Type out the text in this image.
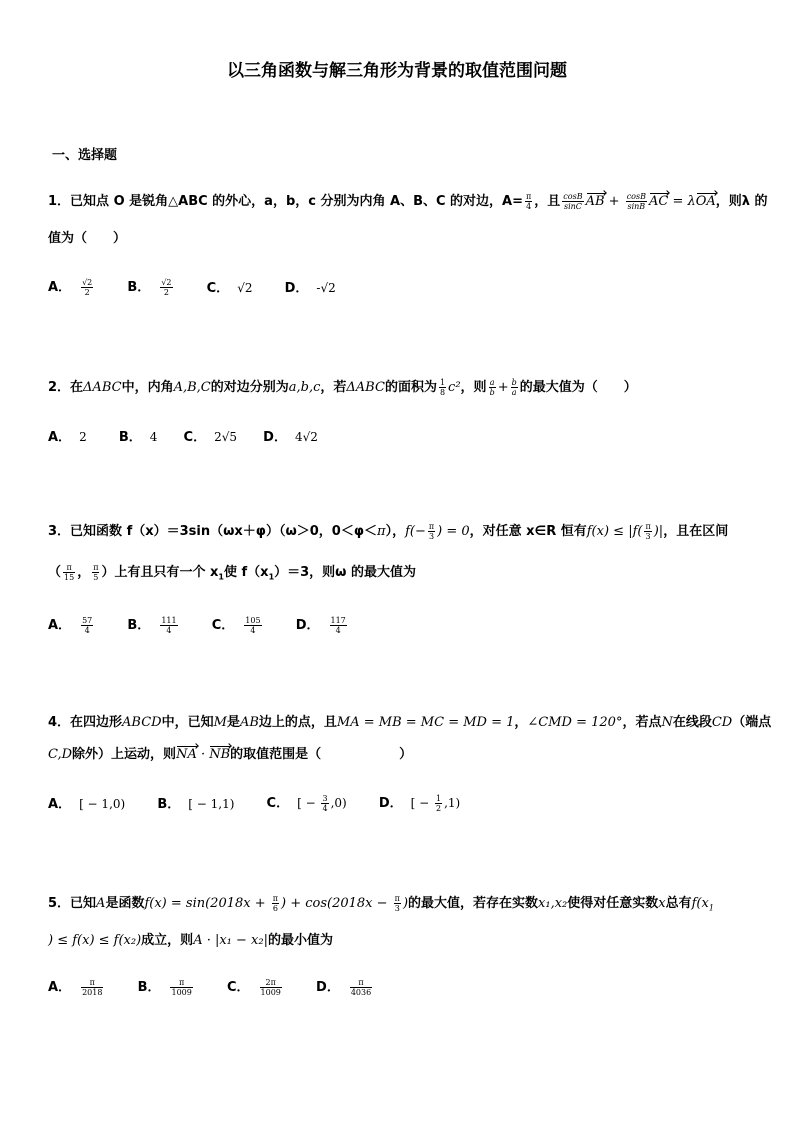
以三角函数与解三角形为背景的取值范围问题
一、选择题
1．已知点 O 是锐角△ABC 的外心，a，b，c 分别为内角 A、B、C 的对边，$A= \frac{\pi}{4}$ ，且 $\frac{\cos B}{\sin C}$ AB + $\frac{\cos B}{\sin B}$ AC = λOA，则λ 的
值为（　　）
A． $\frac{√2}{2}$	B． $\frac{√2}{2}$	C． √2 D． -√2
2．在ΔABC中，内角A,B,C的对边分别为a,b,c，若ΔABC的面积为 $\frac{1}{8} c^2$，则 $\frac{a}{b} + \frac{b}{a}$ 的最大值为（　　）
A． 2 B． 4 C． 2√5 D． 4√2
3．已知函数 f（x）＝3sin（ωx＋φ）（ω＞0，0＜φ＜π），$f(- \frac{\pi}{3}$ ) = 0，对任意 x∈R 恒有$f(x) \le |f( \frac{\pi}{3}$ )|，且在区间
（ $\frac{\pi}{15}$ ， $\frac{\pi}{5}$ ）上有且只有一个 $x_1$使 $f(x_1)=3$，则ω 的最大值为
A． $\frac{57}{4}$	B． $\frac{111}{4}$	C． $\frac{105}{4}$	D． $\frac{117}{4}$
4．在四边形ABCD中，已知M是AB边上的点，且MA = MB = MC = MD = 1，∠CMD = 120°，若点N在线段CD（端点
C,D除外）上运动，则NA · NB的取值范围是（　　　　　　）
A． [ − 1,0) B． [ − 1,1) C． [ − $\frac{3}{4} ,0$) D． [ − $\frac{1}{2} ,1$)
5．已知A是函数$f(x) = \sin(2018x + \frac{\pi}{6}$ ) + $\cos(2018x - \frac{\pi}{3}$ )的最大值，若存在实数x₁,x₂使得对任意实数x总有$f(x_1$
) ≤ f(x) ≤ f(x₂)成立，则A · |x₁ − x₂|的最小值为
A． $\frac{\pi}{2018}$	B． $\frac{\pi}{1009}$	C． $\frac{2\pi}{1009}$	D． $\frac{\pi}{4036}$
